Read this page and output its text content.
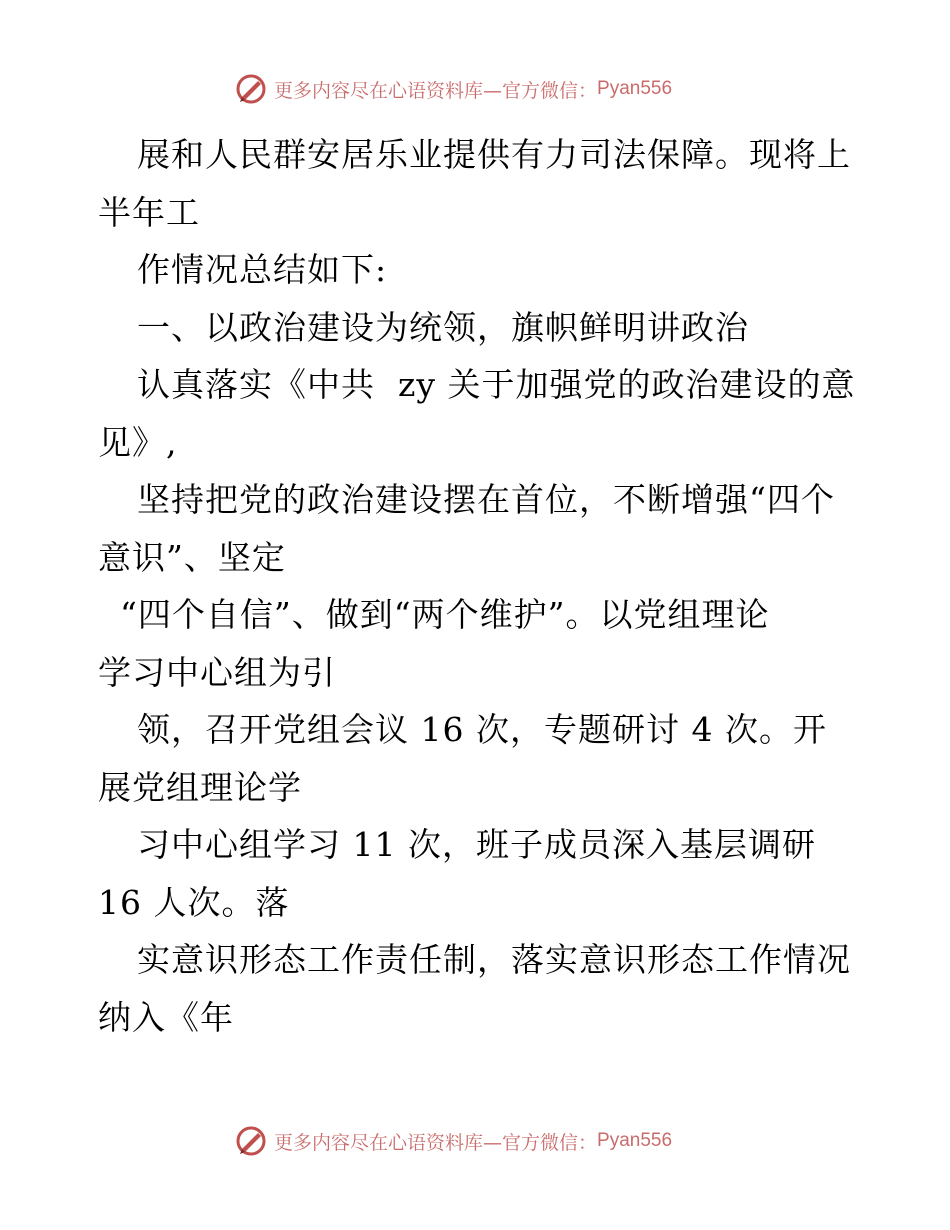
更多内容尽在心语资料库—官方微信： Pyan556
展和人民群安居乐业提供有力司法保障。现将上
半年工
作情况总结如下:
一、以政治建设为统领，旗帜鲜明讲政治
认真落实《中共  zy 关于加强党的政治建设的意
见》,
坚持把党的政治建设摆在首位，不断增强“四个
意识”、坚定
“四个自信”、做到“两个维护”。以党组理论
学习中心组为引
领，召开党组会议 16 次，专题研讨 4 次。开
展党组理论学
习中心组学习 11 次，班子成员深入基层调研
16 人次。落
实意识形态工作责任制，落实意识形态工作情况
纳入《年
更多内容尽在心语资料库—官方微信： Pyan556
